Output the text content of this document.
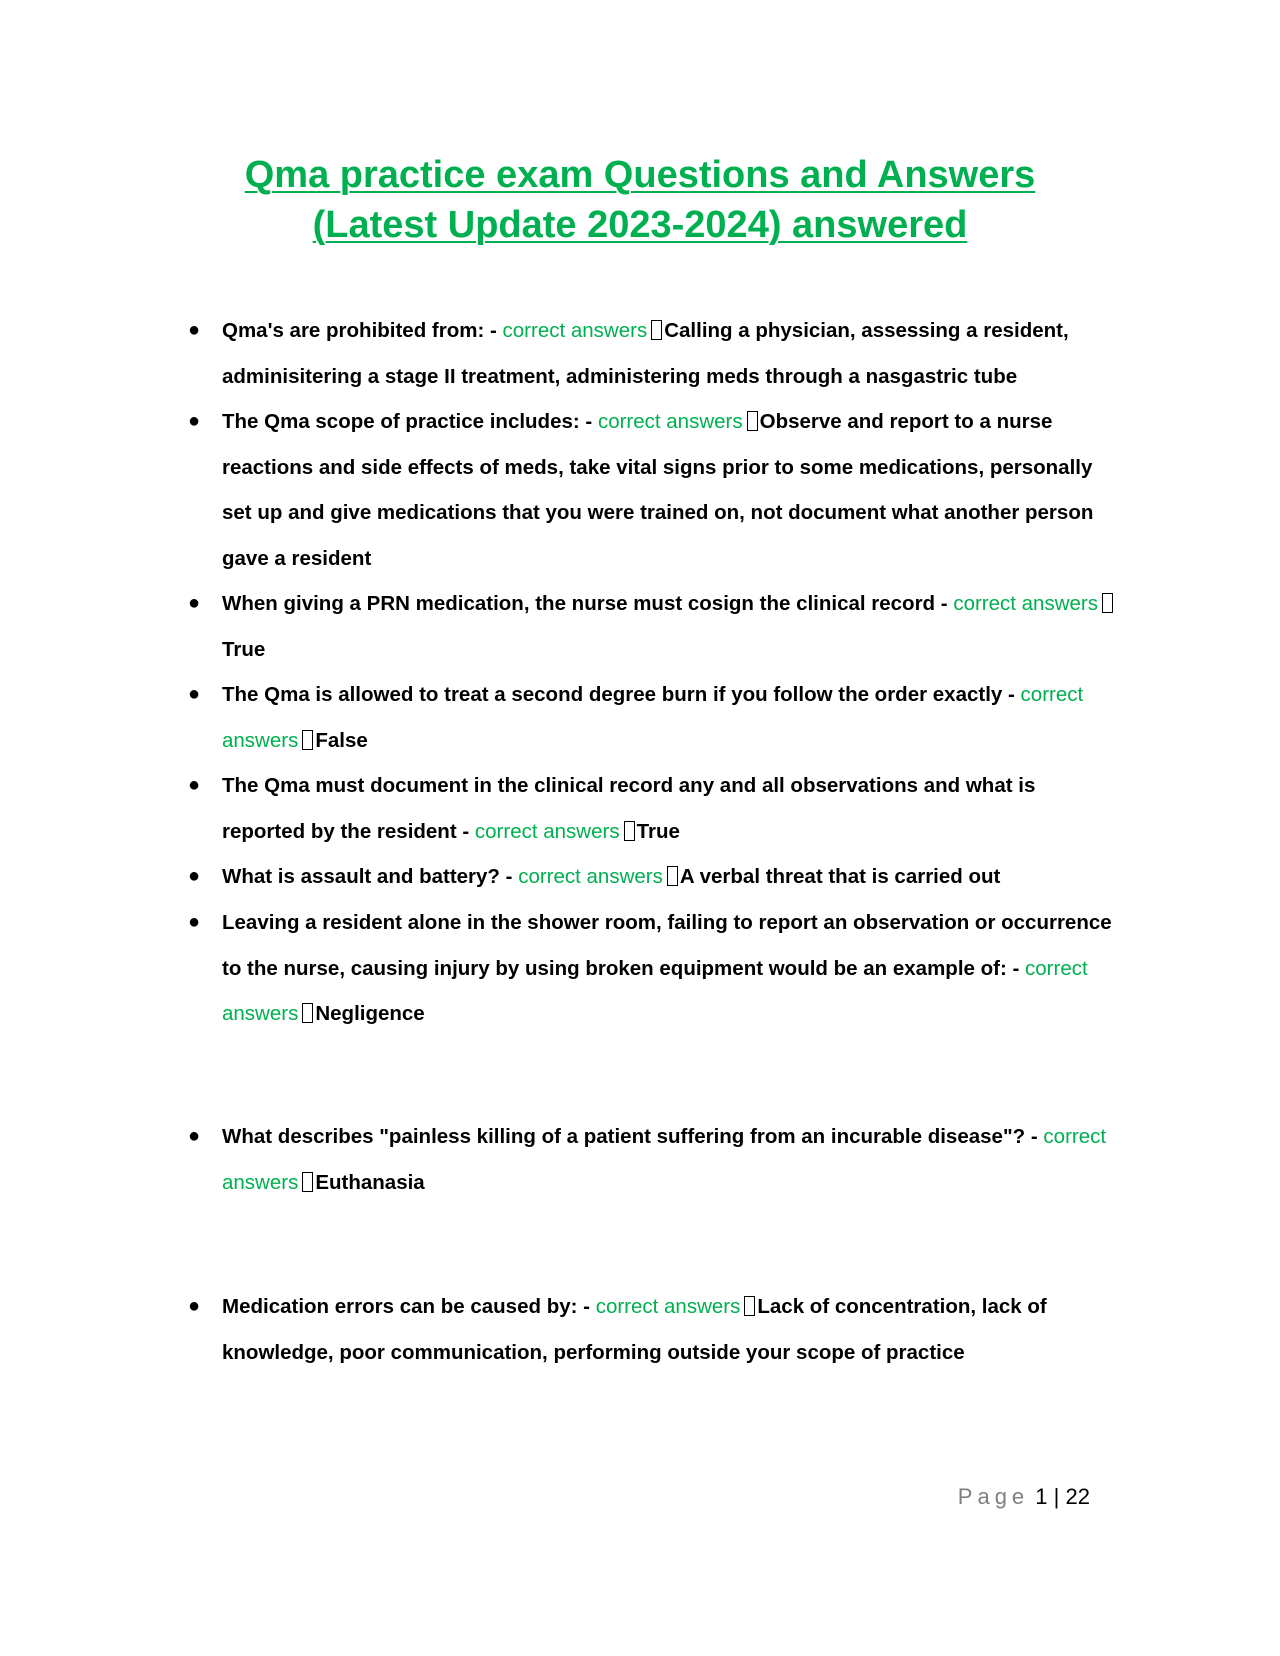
Qma practice exam Questions and Answers (Latest Update 2023-2024) answered
● Qma's are prohibited from: - correct answers Calling a physician, assessing a resident, adminisitering a stage II treatment, administering meds through a nasgastric tube
● The Qma scope of practice includes: - correct answers Observe and report to a nurse reactions and side effects of meds, take vital signs prior to some medications, personally set up and give medications that you were trained on, not document what another person gave a resident
● When giving a PRN medication, the nurse must cosign the clinical record - correct answersTrue
● The Qma is allowed to treat a second degree burn if you follow the order exactly - correct answers False
● The Qma must document in the clinical record any and all observations and what is reported by the resident - correct answers True
● What is assault and battery? - correct answers A verbal threat that is carried out
● Leaving a resident alone in the shower room, failing to report an observation or occurrence to the nurse, causing injury by using broken equipment would be an example of: - correct answers Negligence
● What describes "painless killing of a patient suffering from an incurable disease"? - correct answers Euthanasia
● Medication errors can be caused by: - correct answers Lack of concentration, lack of knowledge, poor communication, performing outside your scope of practice
Page 1 | 22
